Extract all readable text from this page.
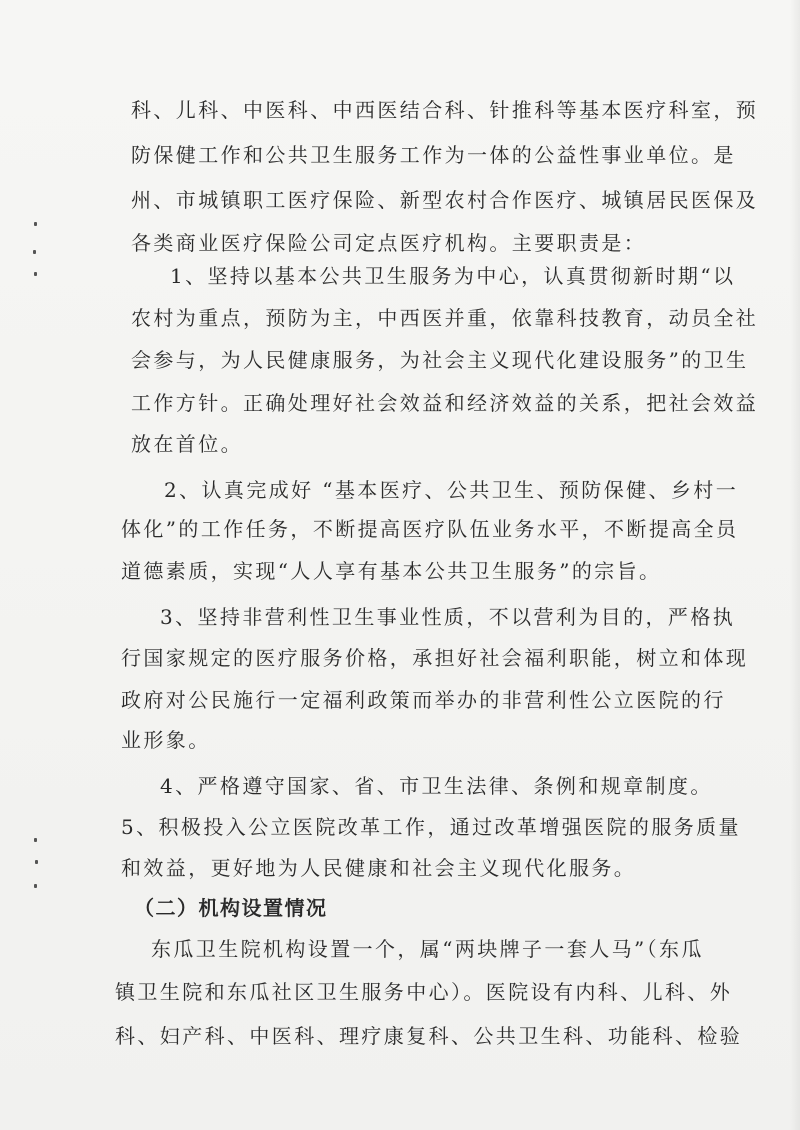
科、儿科、中医科、中西医结合科、针推科等基本医疗科室，预
防保健工作和公共卫生服务工作为一体的公益性事业单位。是
州、市城镇职工医疗保险、新型农村合作医疗、城镇居民医保及
各类商业医疗保险公司定点医疗机构。主要职责是：
1、坚持以基本公共卫生服务为中心，认真贯彻新时期“以
农村为重点，预防为主，中西医并重，依靠科技教育，动员全社
会参与，为人民健康服务，为社会主义现代化建设服务”的卫生
工作方针。正确处理好社会效益和经济效益的关系，把社会效益
放在首位。
2、认真完成好 “基本医疗、公共卫生、预防保健、乡村一
体化”的工作任务，不断提高医疗队伍业务水平，不断提高全员
道德素质，实现“人人享有基本公共卫生服务”的宗旨。
3、坚持非营利性卫生事业性质，不以营利为目的，严格执
行国家规定的医疗服务价格，承担好社会福利职能，树立和体现
政府对公民施行一定福利政策而举办的非营利性公立医院的行
业形象。
4、严格遵守国家、省、市卫生法律、条例和规章制度。
5、积极投入公立医院改革工作，通过改革增强医院的服务质量
和效益，更好地为人民健康和社会主义现代化服务。
（二）机构设置情况
东瓜卫生院机构设置一个，属“两块牌子一套人马”（东瓜
镇卫生院和东瓜社区卫生服务中心）。医院设有内科、儿科、外
科、妇产科、中医科、理疗康复科、公共卫生科、功能科、检验
